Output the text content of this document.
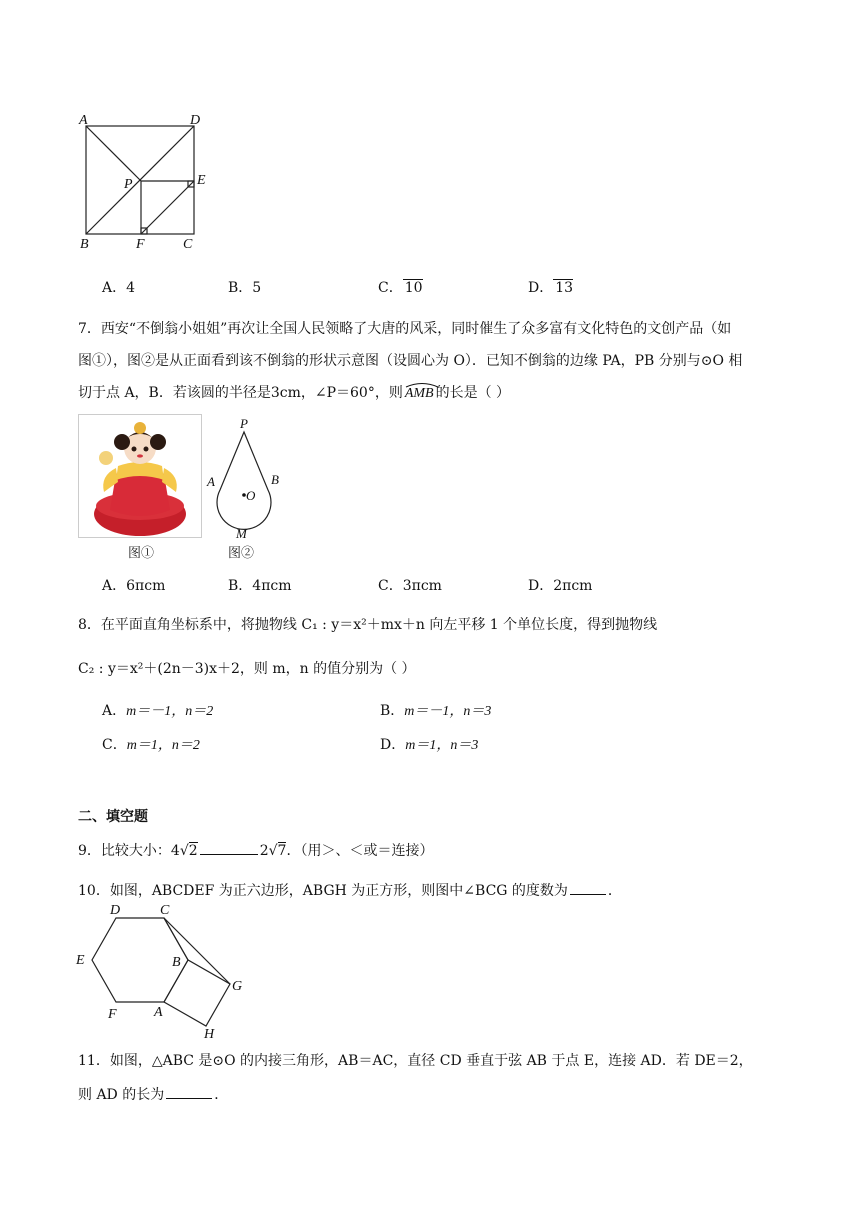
A	D
P	E
B	F	C
A．4	B．5	C． 10	D． 13
7．西安“不倒翁小姐姐”再次让全国人民领略了大唐的风采，同时催生了众多富有文化特色的文创产品（如
图①），图②是从正面看到该不倒翁的形状示意图（设圆心为 O）．已知不倒翁的边缘 PA，PB 分别与⊙O 相
切于点 A，B．若该圆的半径是3cm，∠P＝60°，则 AMB 的长是（ ）
图①
P
A	B
O
M
图②
A．6πcm	B．4πcm	C．3πcm	D．2πcm
8．在平面直角坐标系中，将抛物线 C₁ : y＝x²＋mx＋n 向左平移 1 个单位长度，得到抛物线
C₂ : y＝x²＋(2n－3)x＋2，则 m，n 的值分别为（ ）
A．m＝－1，n＝2	B．m＝－1，n＝3
C．m＝1，n＝2	D．m＝1，n＝3
二、填空题
9．比较大小：4√2	2√7．（用＞、＜或＝连接）
10．如图，ABCDEF 为正六边形，ABGH 为正方形，则图中∠BCG 的度数为	．
D	C
E	B
G
F	A
H
11．如图，△ABC 是⊙O 的内接三角形，AB＝AC，直径 CD 垂直于弦 AB 于点 E，连接 AD．若 DE＝2，
则 AD 的长为	．
